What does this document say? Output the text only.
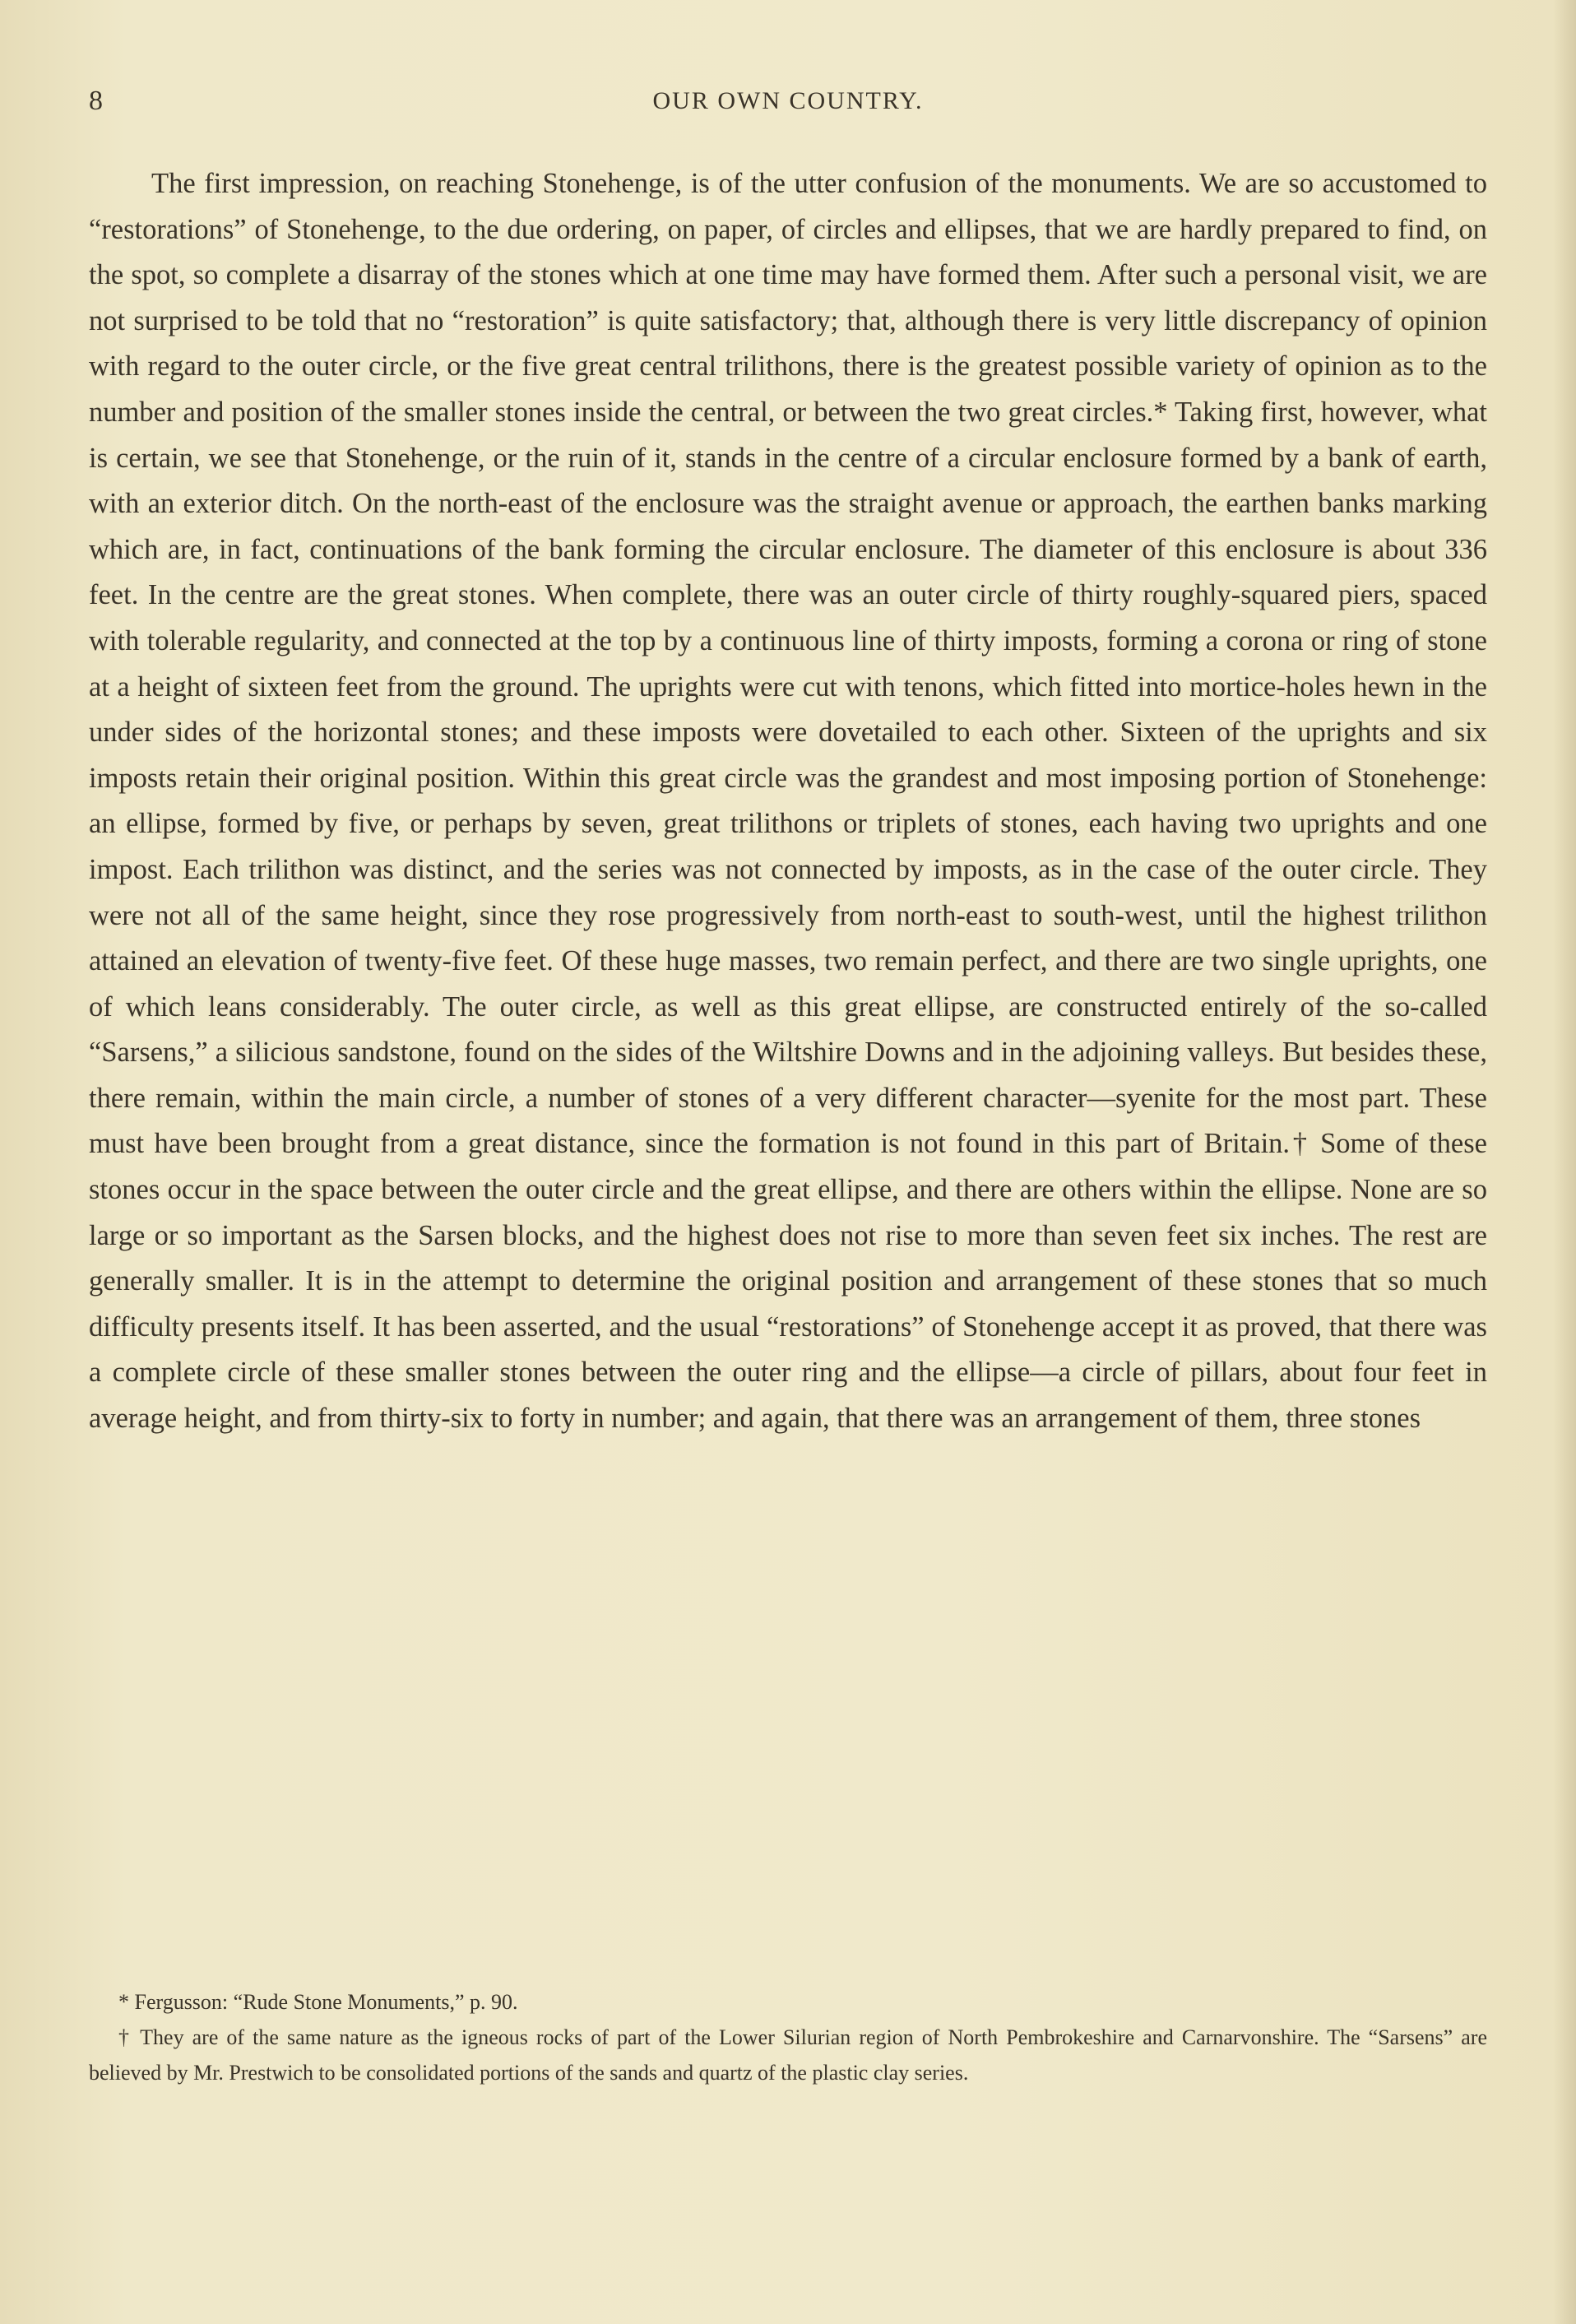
8	OUR OWN COUNTRY.

The first impression, on reaching Stonehenge, is of the utter confusion of the monuments. We are so accustomed to “restorations” of Stonehenge, to the due ordering, on paper, of circles and ellipses, that we are hardly prepared to find, on the spot, so complete a disarray of the stones which at one time may have formed them. After such a personal visit, we are not surprised to be told that no “restoration” is quite satisfactory; that, although there is very little discrepancy of opinion with regard to the outer circle, or the five great central trilithons, there is the greatest possible variety of opinion as to the number and position of the smaller stones inside the central, or between the two great circles.* Taking first, however, what is certain, we see that Stonehenge, or the ruin of it, stands in the centre of a circular enclosure formed by a bank of earth, with an exterior ditch. On the north-east of the enclosure was the straight avenue or approach, the earthen banks marking which are, in fact, continuations of the bank forming the circular enclosure. The diameter of this enclosure is about 336 feet. In the centre are the great stones. When complete, there was an outer circle of thirty roughly-squared piers, spaced with tolerable regularity, and connected at the top by a continuous line of thirty imposts, forming a corona or ring of stone at a height of sixteen feet from the ground. The uprights were cut with tenons, which fitted into mortice-holes hewn in the under sides of the horizontal stones; and these imposts were dovetailed to each other. Sixteen of the uprights and six imposts retain their original position. Within this great circle was the grandest and most imposing portion of Stonehenge: an ellipse, formed by five, or perhaps by seven, great trilithons or triplets of stones, each having two uprights and one impost. Each trilithon was distinct, and the series was not connected by imposts, as in the case of the outer circle. They were not all of the same height, since they rose progressively from north-east to south-west, until the highest trilithon attained an elevation of twenty-five feet. Of these huge masses, two remain perfect, and there are two single uprights, one of which leans considerably. The outer circle, as well as this great ellipse, are constructed entirely of the so-called “Sarsens,” a silicious sandstone, found on the sides of the Wiltshire Downs and in the adjoining valleys. But besides these, there remain, within the main circle, a number of stones of a very different character—syenite for the most part. These must have been brought from a great distance, since the formation is not found in this part of Britain.† Some of these stones occur in the space between the outer circle and the great ellipse, and there are others within the ellipse. None are so large or so important as the Sarsen blocks, and the highest does not rise to more than seven feet six inches. The rest are generally smaller. It is in the attempt to determine the original position and arrangement of these stones that so much difficulty presents itself. It has been asserted, and the usual “restorations” of Stonehenge accept it as proved, that there was a complete circle of these smaller stones between the outer ring and the ellipse—a circle of pillars, about four feet in average height, and from thirty-six to forty in number; and again, that there was an arrangement of them, three stones

* Fergusson: “Rude Stone Monuments,” p. 90.

† They are of the same nature as the igneous rocks of part of the Lower Silurian region of North Pembrokeshire and Carnarvonshire. The “Sarsens” are believed by Mr. Prestwich to be consolidated portions of the sands and quartz of the plastic clay series.
